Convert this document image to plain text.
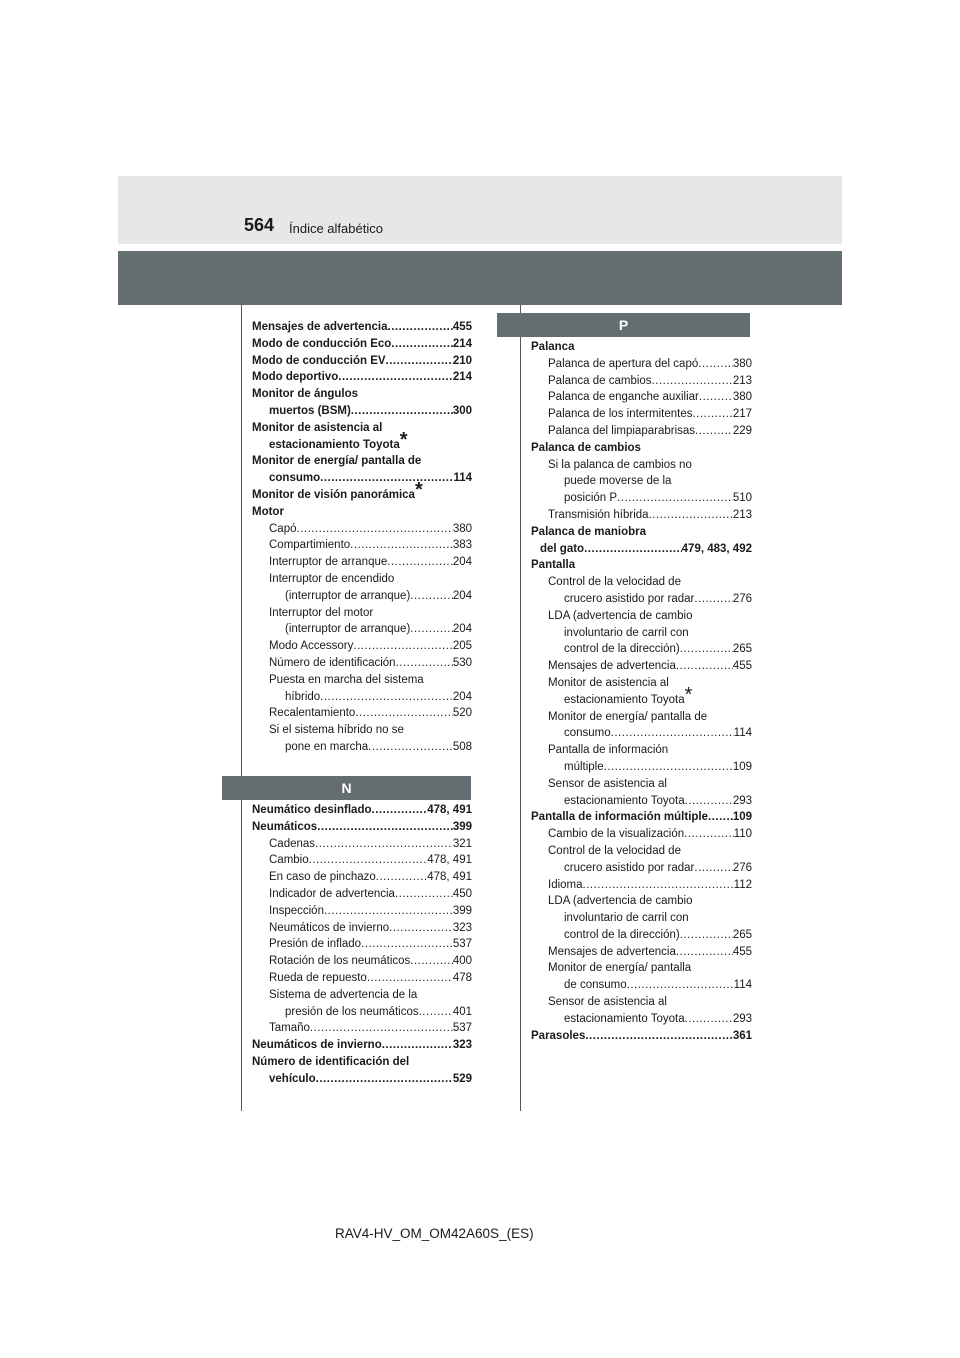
564 Índice alfabético
Mensajes de advertencia .....	455
Modo de conducción Eco .....	214
Modo de conducción EV .....	210
Modo deportivo .....	214
Monitor de ángulos
muertos (BSM) .....	300
Monitor de asistencia al
estacionamiento Toyota*
Monitor de energía/ pantalla de
consumo .....	114
Monitor de visión panorámica*
Motor
Capó .....	380
Compartimiento .....	383
Interruptor de arranque .....	204
Interruptor de encendido
(interruptor de arranque) .....	204
Interruptor del motor
(interruptor de arranque) .....	204
Modo Accessory .....	205
Número de identificación .....	530
Puesta en marcha del sistema
híbrido .....	204
Recalentamiento .....	520
Si el sistema híbrido no se
pone en marcha .....	508
N
Neumático desinflado .....	478, 491
Neumáticos .....	399
Cadenas .....	321
Cambio .....	478, 491
En caso de pinchazo .....	478, 491
Indicador de advertencia .....	450
Inspección .....	399
Neumáticos de invierno .....	323
Presión de inflado .....	537
Rotación de los neumáticos .....	400
Rueda de repuesto .....	478
Sistema de advertencia de la
presión de los neumáticos .....	401
Tamaño .....	537
Neumáticos de invierno .....	323
Número de identificación del
vehículo .....	529
P
Palanca
Palanca de apertura del capó .....	380
Palanca de cambios .....	213
Palanca de enganche auxiliar .....	380
Palanca de los intermitentes .....	217
Palanca del limpiaparabrisas .....	229
Palanca de cambios
Si la palanca de cambios no
puede moverse de la
posición P .....	510
Transmisión híbrida .....	213
Palanca de maniobra
del gato .....	479, 483, 492
Pantalla
Control de la velocidad de
crucero asistido por radar .....	276
LDA (advertencia de cambio
involuntario de carril con
control de la dirección) .....	265
Mensajes de advertencia .....	455
Monitor de asistencia al
estacionamiento Toyota*
Monitor de energía/ pantalla de
consumo .....	114
Pantalla de información
múltiple .....	109
Sensor de asistencia al
estacionamiento Toyota .....	293
Pantalla de información múltiple ..... 109
Cambio de la visualización .....	110
Control de la velocidad de
crucero asistido por radar .....	276
Idioma .....	112
LDA (advertencia de cambio
involuntario de carril con
control de la dirección) .....	265
Mensajes de advertencia .....	455
Monitor de energía/ pantalla
de consumo .....	114
Sensor de asistencia al
estacionamiento Toyota .....	293
Parasoles .....	361
RAV4-HV_OM_OM42A60S_(ES)
